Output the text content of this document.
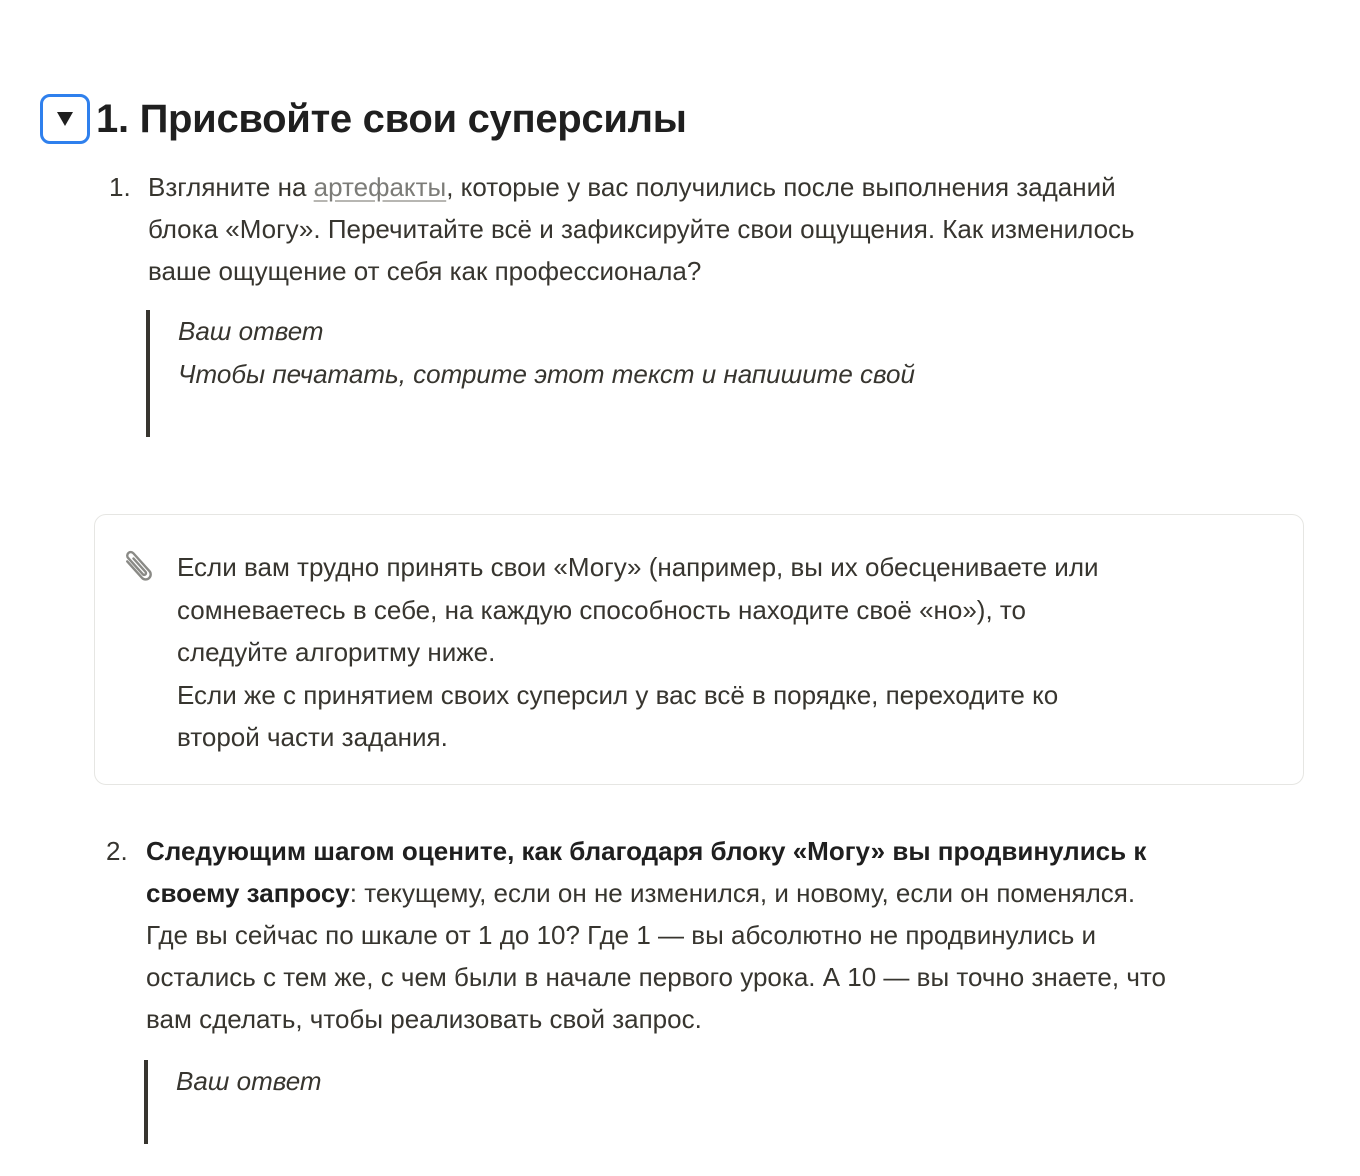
1. Присвойте свои суперсилы
1. Взгляните на артефакты, которые у вас получились после выполнения заданий
блока «Могу». Перечитайте всё и зафиксируйте свои ощущения. Как изменилось
ваше ощущение от себя как профессионала?
Ваш ответ
Чтобы печатать, сотрите этот текст и напишите свой
Если вам трудно принять свои «Могу» (например, вы их обесцениваете или
сомневаетесь в себе, на каждую способность находите своё «но»), то
следуйте алгоритму ниже.
Если же с принятием своих суперсил у вас всё в порядке, переходите ко
второй части задания.
2. Следующим шагом оцените, как благодаря блоку «Могу» вы продвинулись к
своему запросу: текущему, если он не изменился, и новому, если он поменялся.
Где вы сейчас по шкале от 1 до 10? Где 1 — вы абсолютно не продвинулись и
остались с тем же, с чем были в начале первого урока. А 10 — вы точно знаете, что
вам сделать, чтобы реализовать свой запрос.
Ваш ответ
